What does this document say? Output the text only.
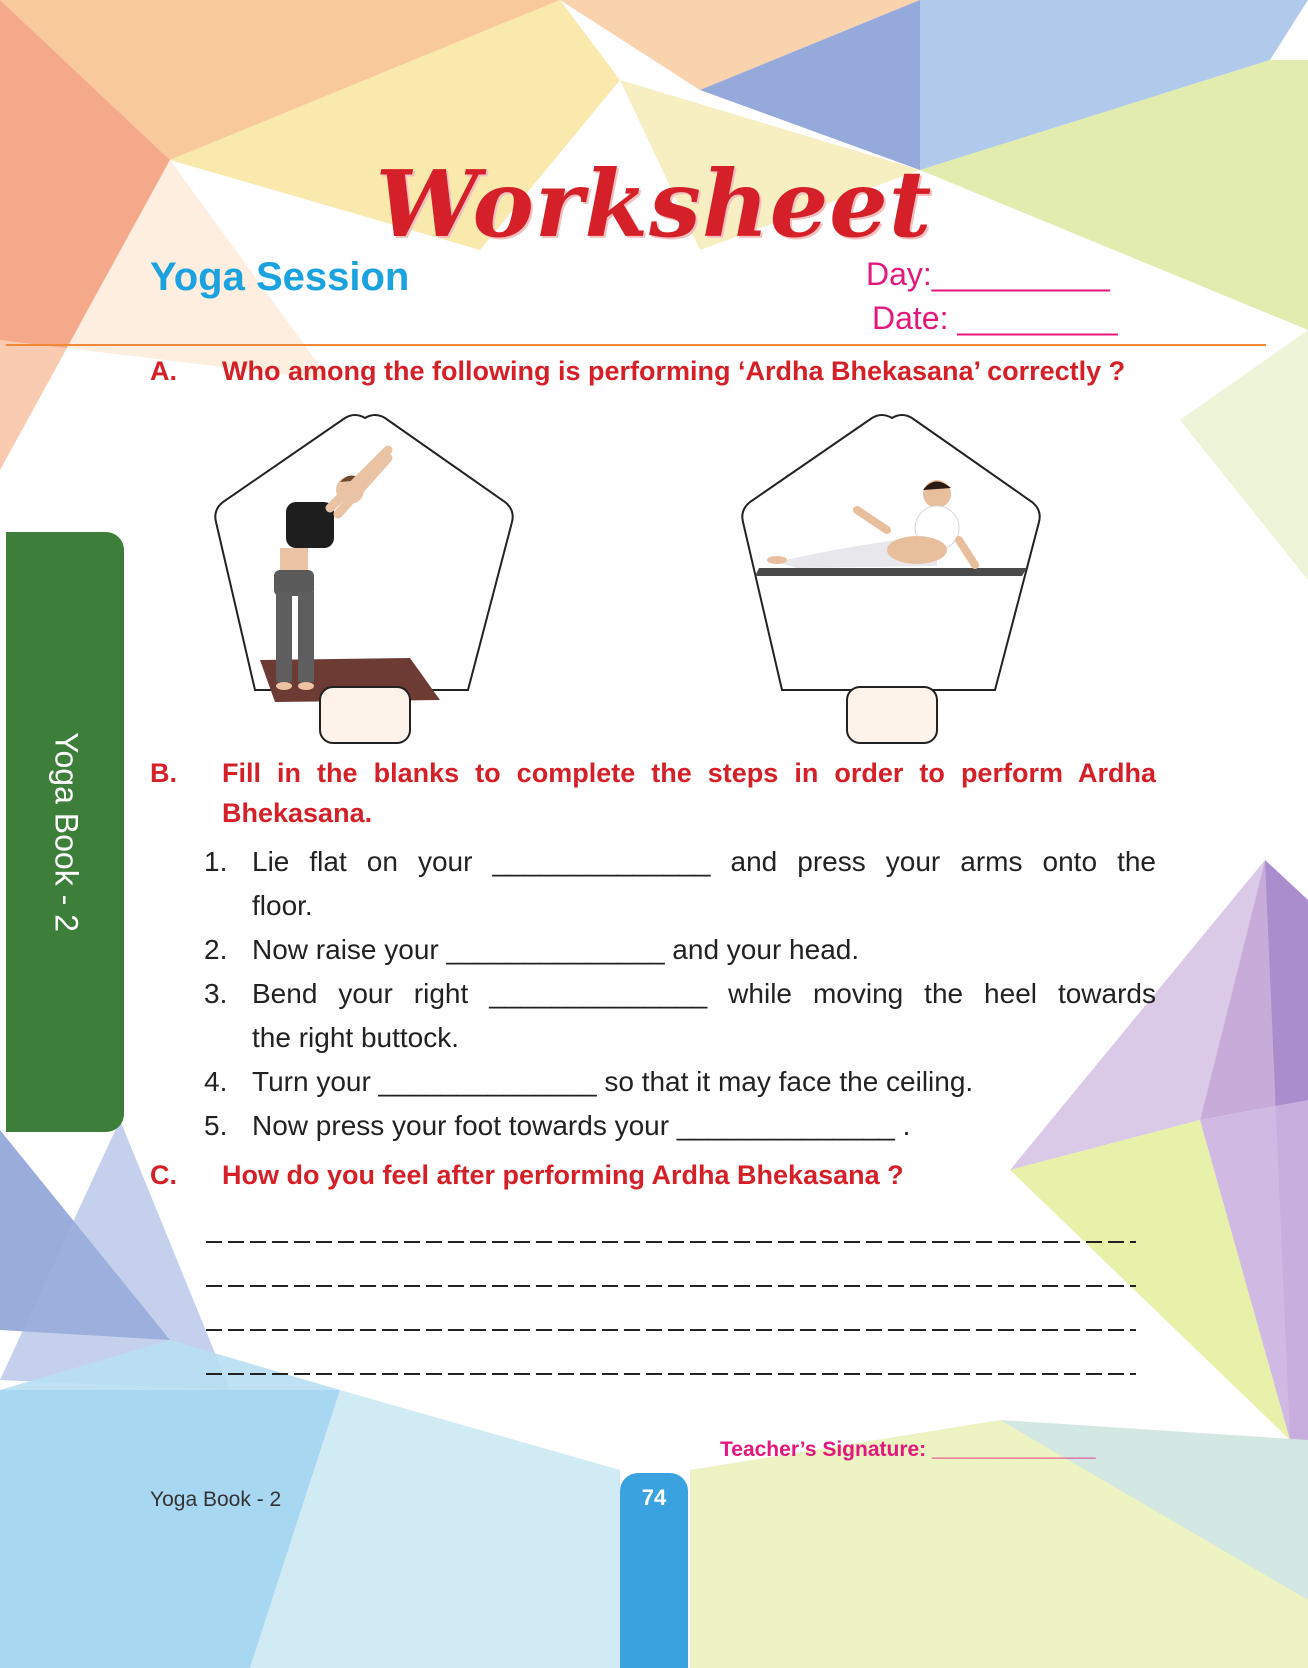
Worksheet
Yoga Session	Day:__________
Date: _________
A. Who among the following is performing ‘Ardha Bhekasana’ correctly ?
Yoga Book - 2 B. Fill in the blanks to complete the steps in order to perform Ardha
Bhekasana.
1. Lie flat on your ______________ and press your arms onto the
floor.
2. Now raise your ______________ and your head.
3. Bend your right ______________ while moving the heel towards
the right buttock.
4. Turn your ______________ so that it may face the ceiling.
5. Now press your foot towards your ______________ .
C. How do you feel after performing Ardha Bhekasana ?
Teacher’s Signature: ______________
Yoga Book - 2	74
